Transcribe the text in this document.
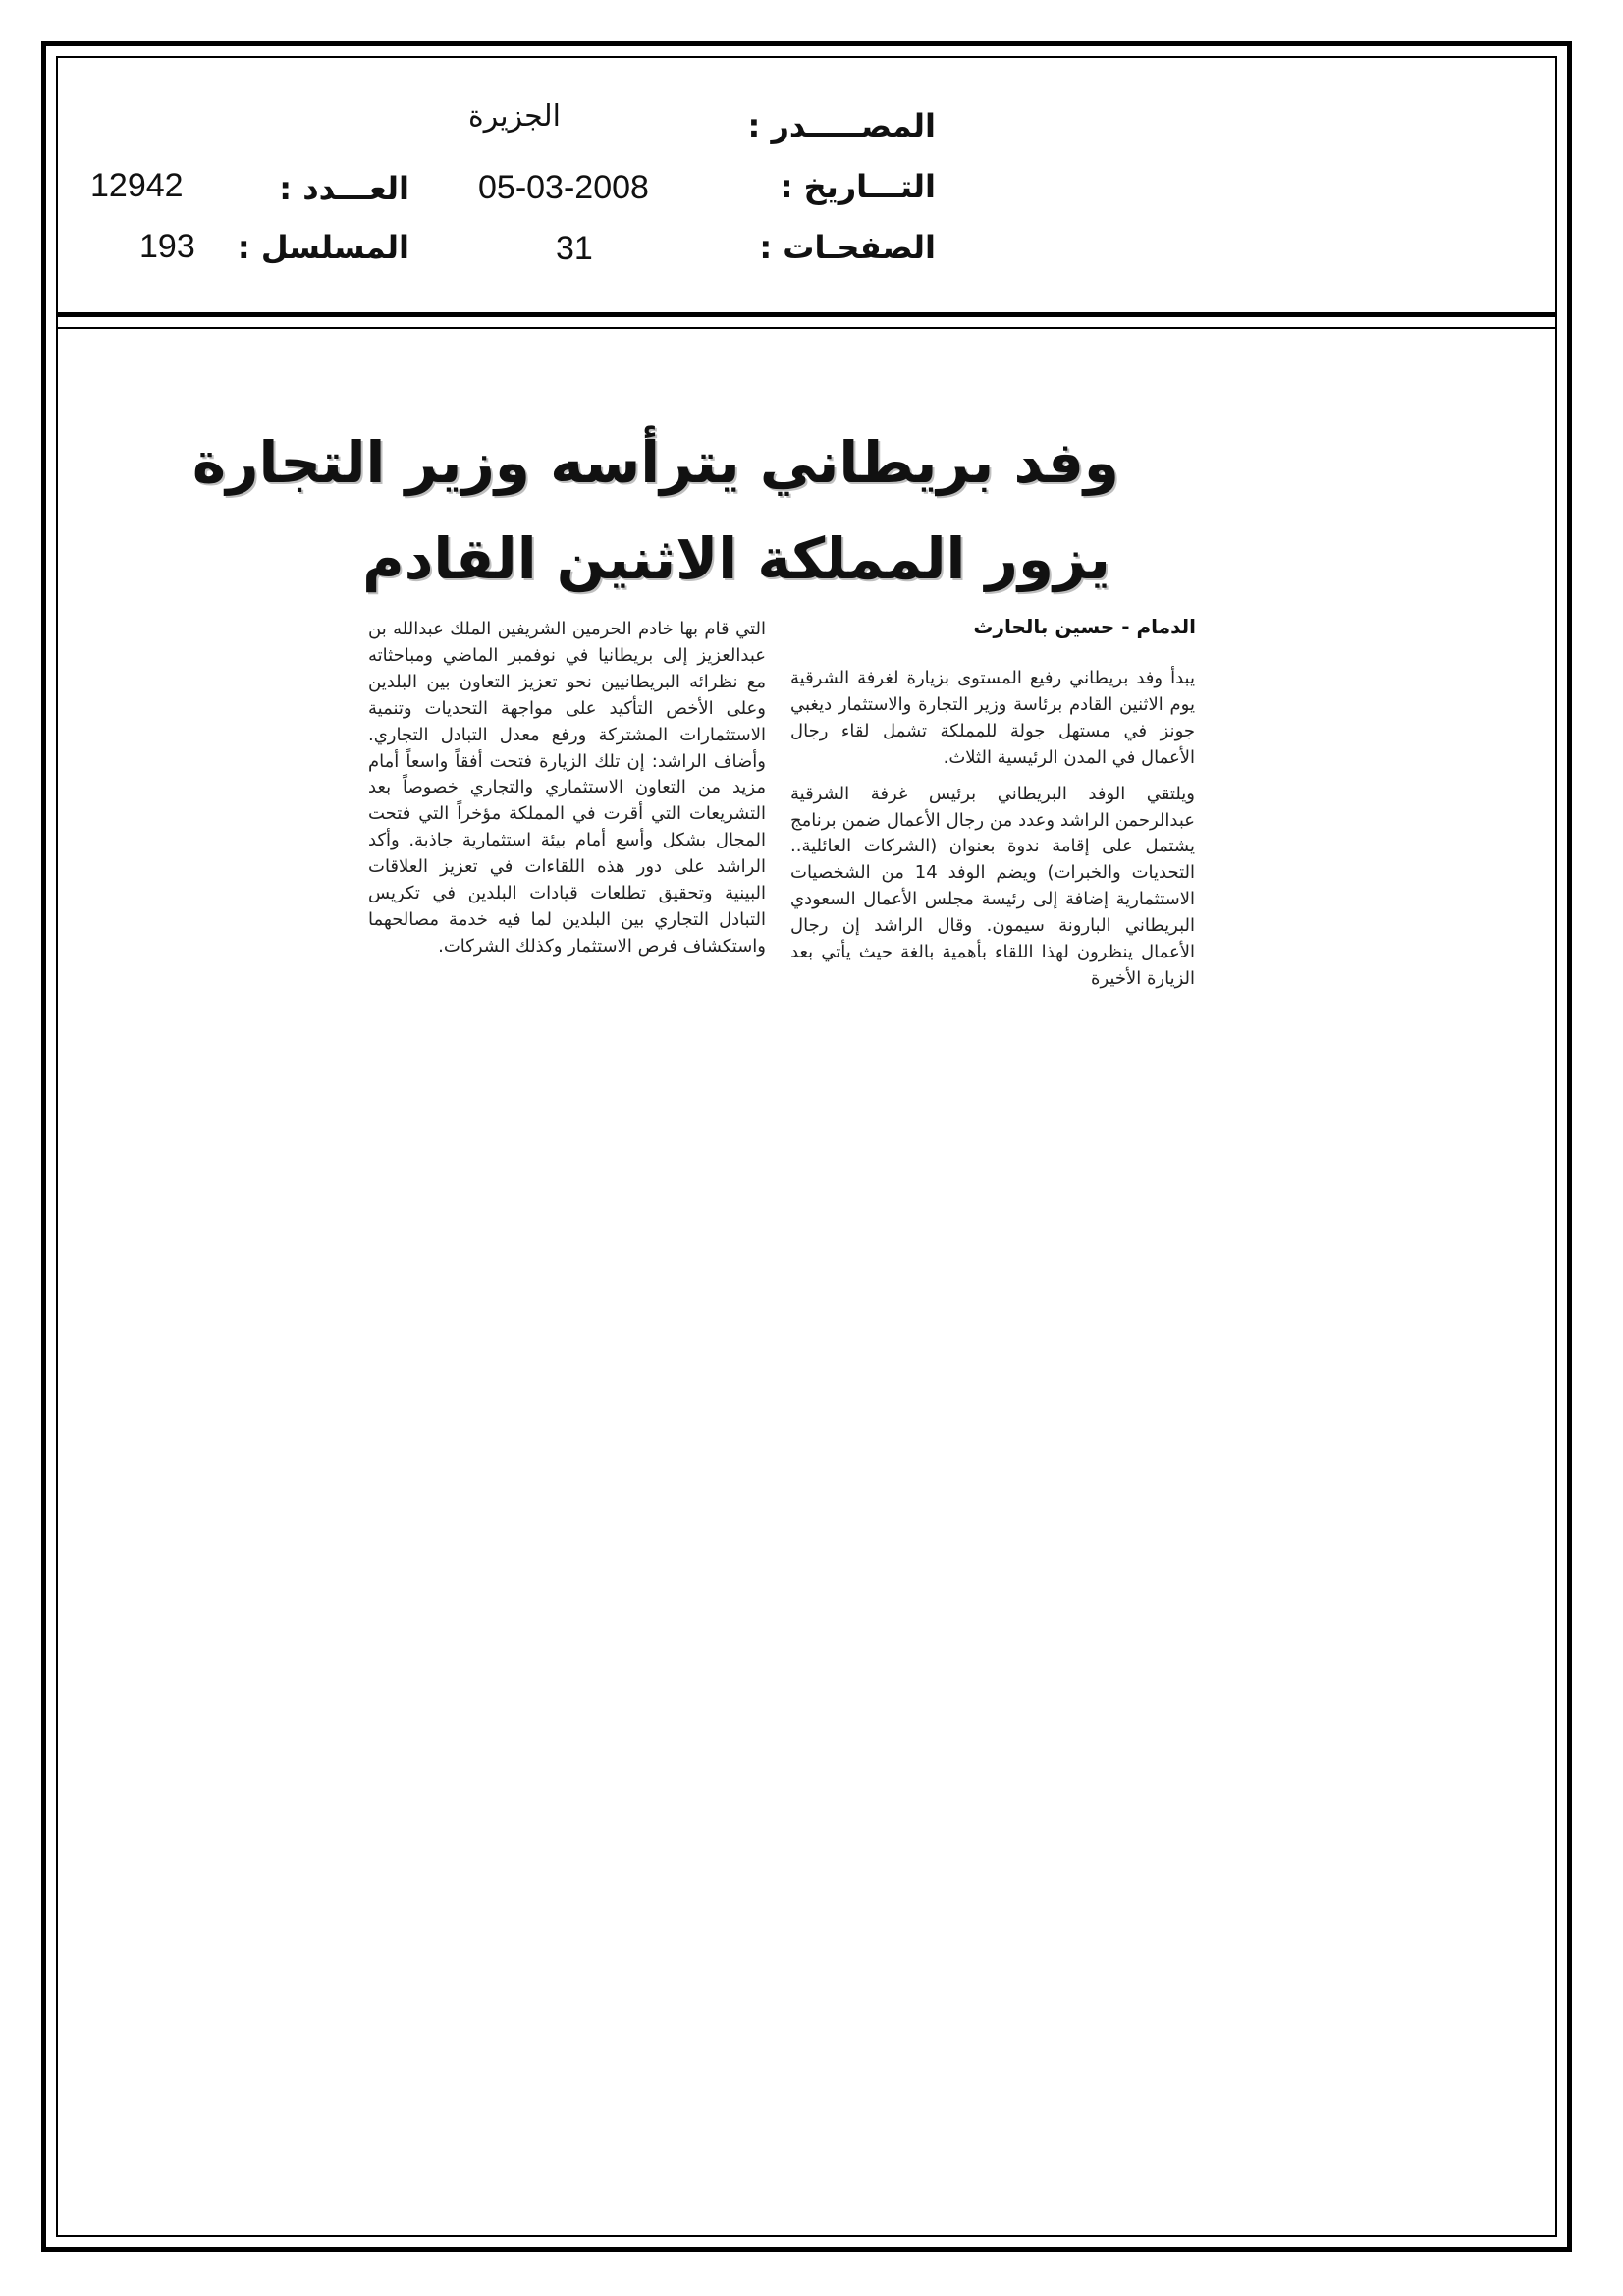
الجزيرة	المصـــــدر :
12942	العـــدد : 05-03-2008	التـــاريخ :
193 المسلسل :	31	الصفحـات :
وفد بريطاني يترأسه وزير التجارة
يزور المملكة الاثنين القادم
الدمام - حسين بالحارث

يبدأ وفد بريطاني رفيع المستوى بزيارة لغرفة الشرقية يوم الاثنين القادم برئاسة وزير التجارة والاستثمار ديغبي جونز في مستهل جولة للمملكة تشمل لقاء رجال الأعمال في المدن الرئيسية الثلاث.

ويلتقي الوفد البريطاني برئيس غرفة الشرقية عبدالرحمن الراشد وعدد من رجال الأعمال ضمن برنامج يشتمل على إقامة ندوة بعنوان (الشركات العائلية.. التحديات والخبرات) ويضم الوفد 14 من الشخصيات الاستثمارية إضافة إلى رئيسة مجلس الأعمال السعودي البريطاني البارونة سيمون. وقال الراشد إن رجال الأعمال ينظرون لهذا اللقاء بأهمية بالغة حيث يأتي بعد الزيارة الأخيرة

التي قام بها خادم الحرمين الشريفين الملك عبدالله بن عبدالعزيز إلى بريطانيا في نوفمبر الماضي ومباحثاته مع نظرائه البريطانيين نحو تعزيز التعاون بين البلدين وعلى الأخص التأكيد على مواجهة التحديات وتنمية الاستثمارات المشتركة ورفع معدل التبادل التجاري. وأضاف الراشد: إن تلك الزيارة فتحت أفقاً واسعاً أمام مزيد من التعاون الاستثماري والتجاري خصوصاً بعد التشريعات التي أقرت في المملكة مؤخراً التي فتحت المجال بشكل وأسع أمام بيئة استثمارية جاذبة. وأكد الراشد على دور هذه اللقاءات في تعزيز العلاقات البينية وتحقيق تطلعات قيادات البلدين في تكريس التبادل التجاري بين البلدين لما فيه خدمة مصالحهما واستكشاف فرص الاستثمار وكذلك الشركات.
